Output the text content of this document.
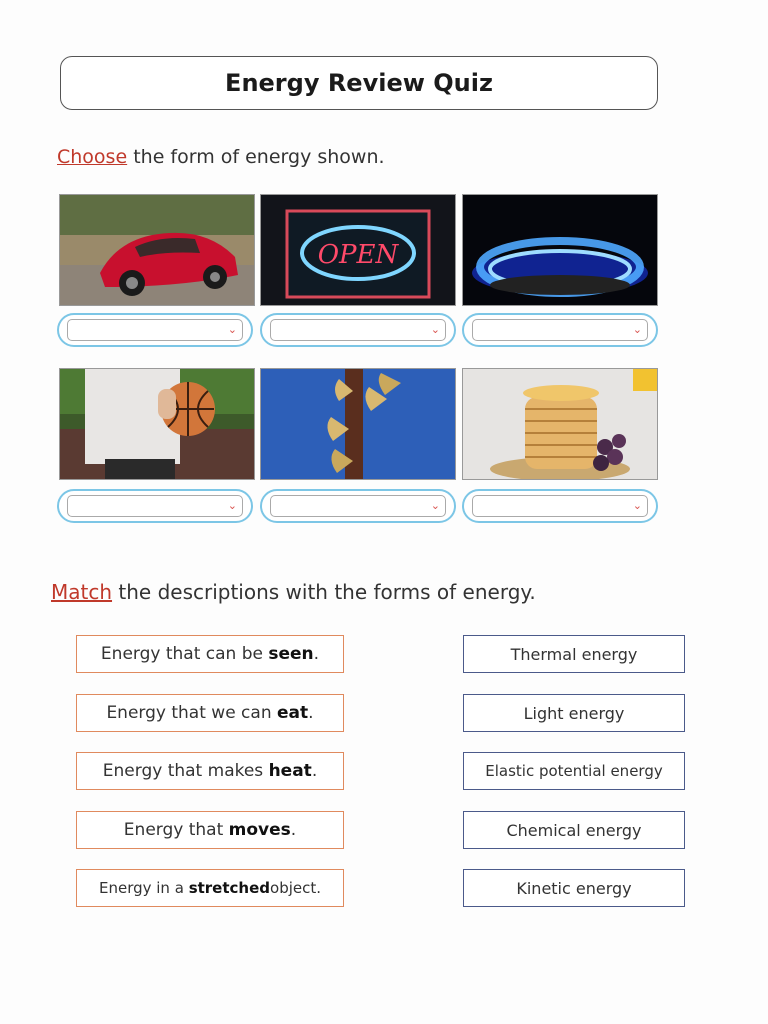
Energy Review Quiz
Choose the form of energy shown.
OPEN
⌄	⌄	⌄
⌄	⌄	⌄
Match the descriptions with the forms of energy.
Energy that can be
seen .
Energy that we can
eat .
Energy that makes
heat .
Energy that
moves .
Energy in a
stretched object.
Thermal energy
Light energy
Elastic potential energy
Chemical energy
Kinetic energy
